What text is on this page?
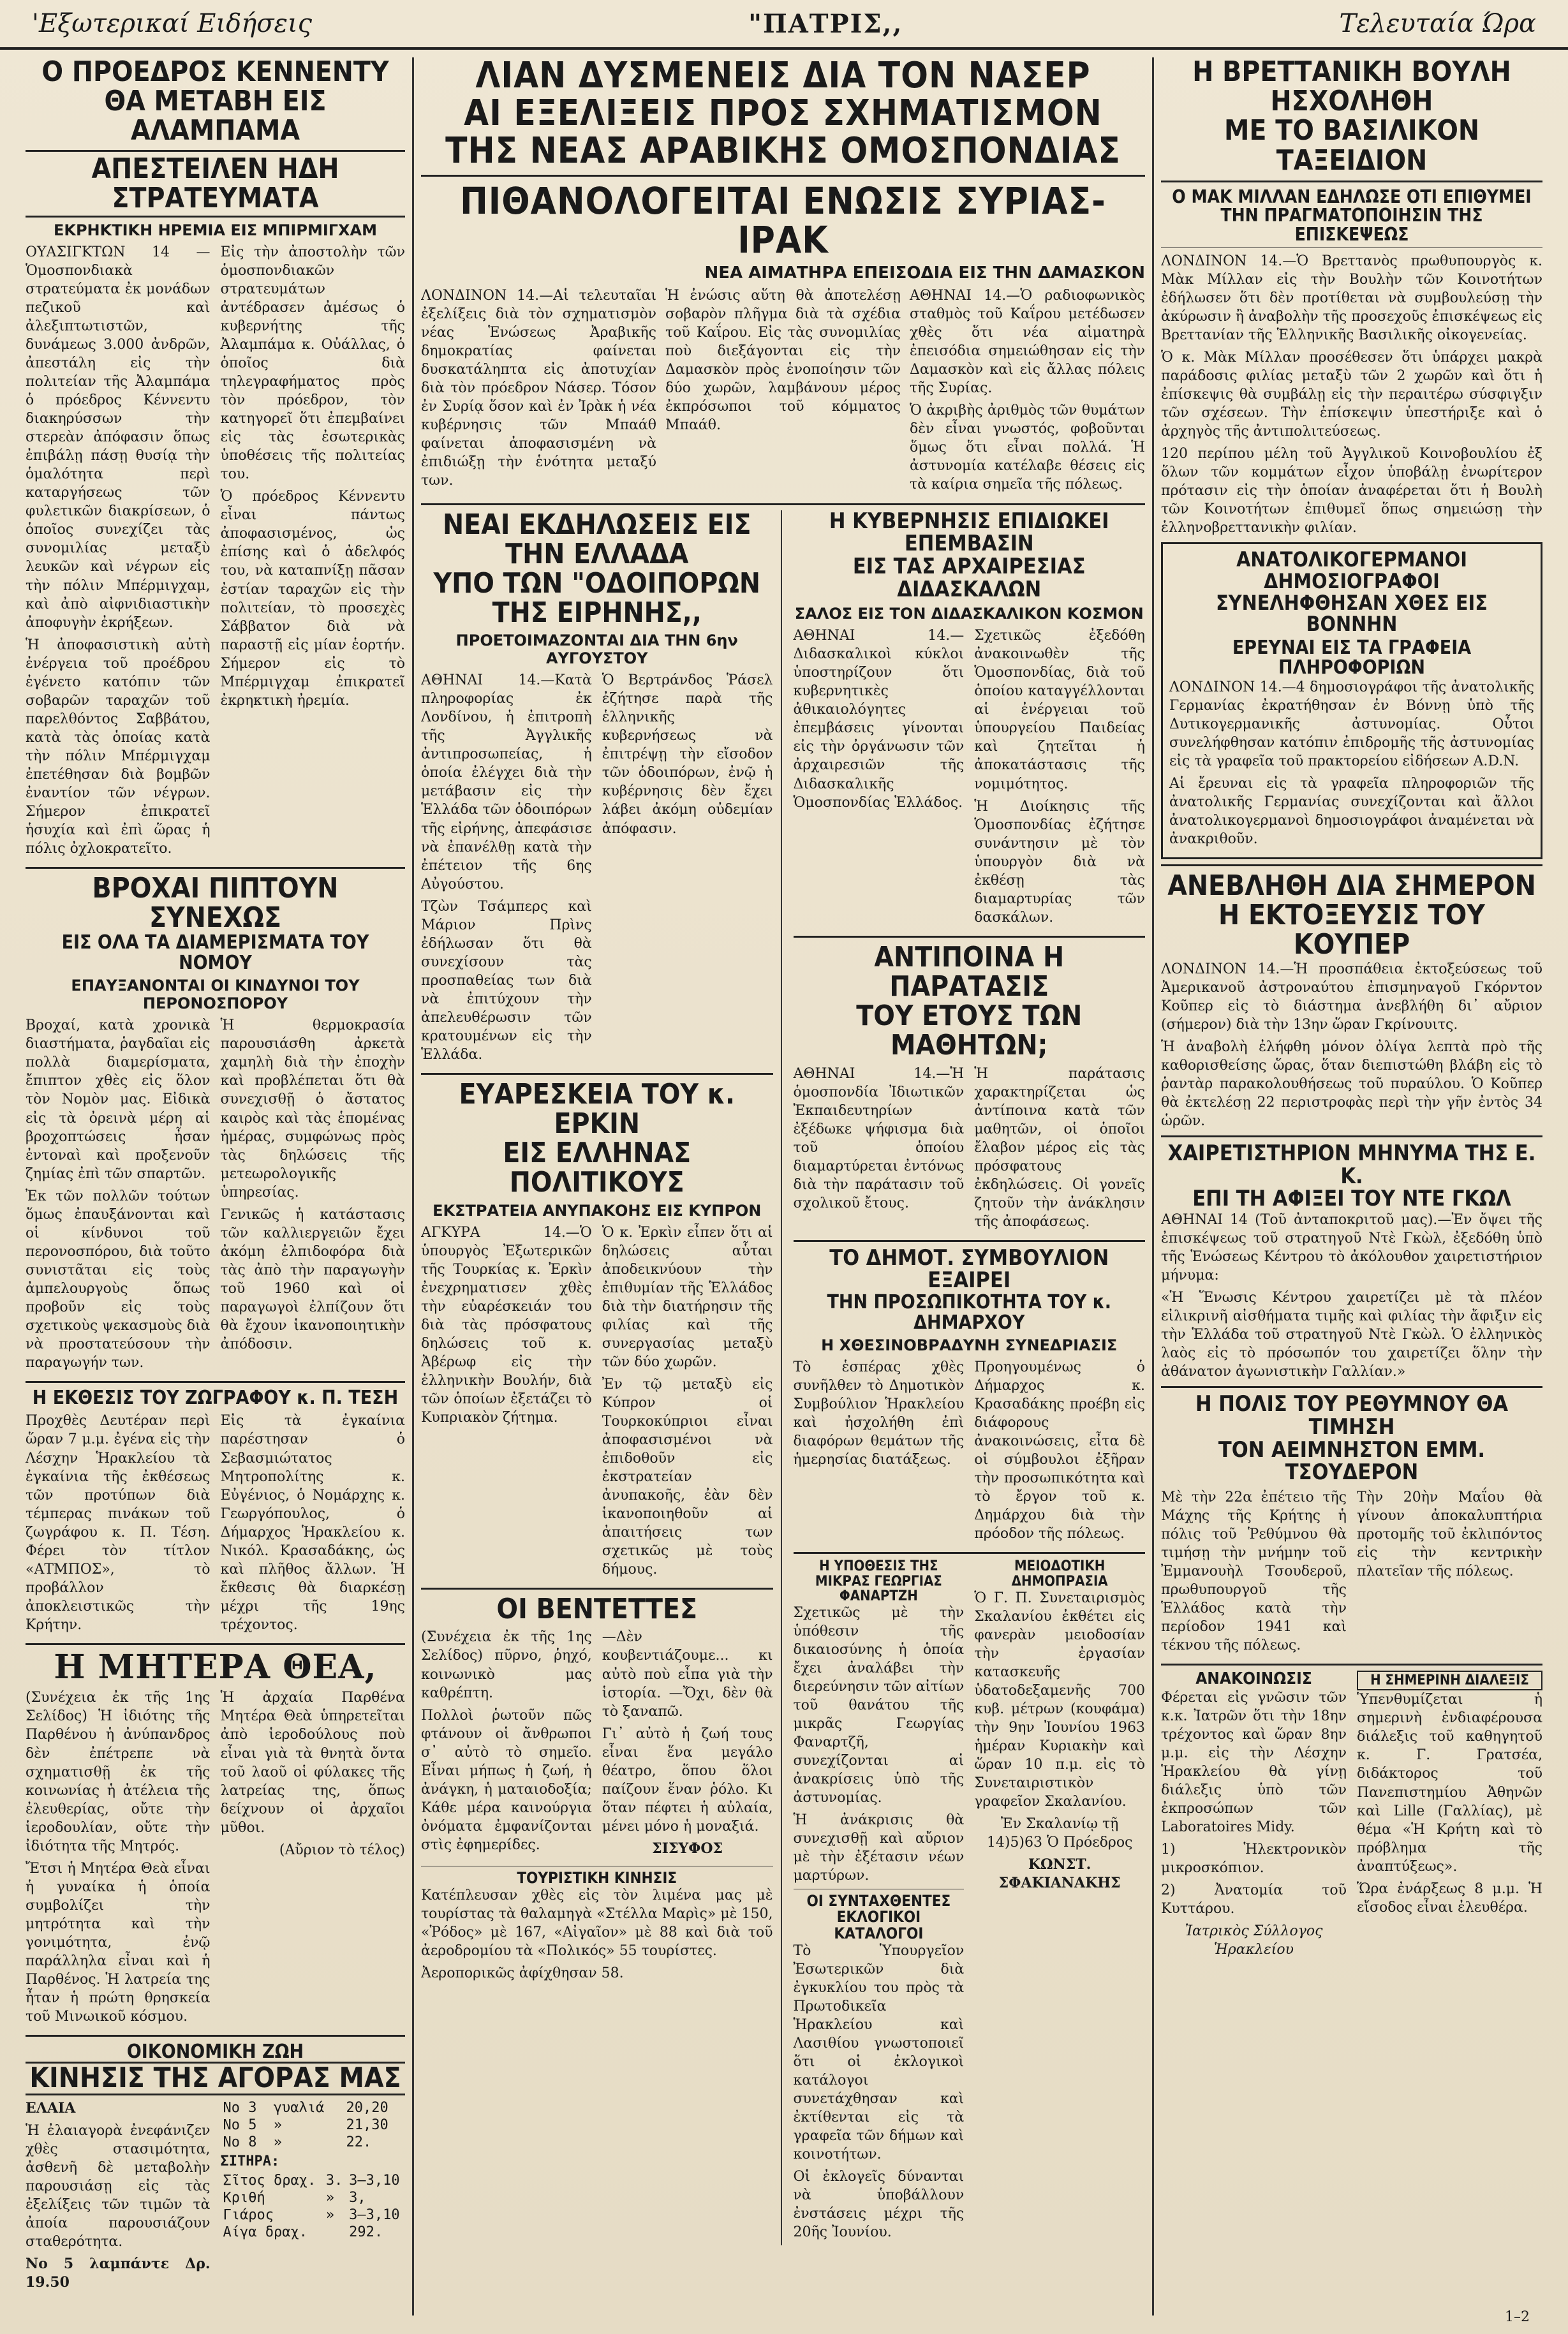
'Εξωτερικαί Ειδήσεις	"ΠΑΤΡΙΣ,,	Τελευταία Ώρα
Ο ΠΡΟΕΔΡΟΣ ΚΕΝΝΕΝΤΥ
ΘΑ ΜΕΤΑΒΗ ΕΙΣ ΑΛΑΜΠΑΜΑ
ΑΠΕΣΤΕΙΛΕΝ ΗΔΗ ΣΤΡΑΤΕΥΜΑΤΑ
ΕΚΡΗΚΤΙΚΗ ΗΡΕΜΙΑ ΕΙΣ ΜΠΙΡΜΙΓΧΑΜ

ΟΥΑΣΙΓΚΤΩΝ 14 — Ὁμοσπονδιακὰ στρατεύματα ἐκ μονάδων πεζικοῦ καὶ ἀλεξιπτωτιστῶν, δυνάμεως 3.000 ἀνδρῶν, ἀπεστάλη εἰς τὴν πολιτείαν τῆς Ἀλαμπάμα ὁ πρόεδρος Κέννεντυ διακηρύσσων τὴν στερεὰν ἀπόφασιν ὅπως ἐπιβάλῃ πάσῃ θυσίᾳ τὴν ὁμαλότητα περὶ καταργήσεως τῶν φυλετικῶν διακρίσεων, ὁ ὁποῖος συνεχίζει τὰς συνομιλίας μεταξὺ λευκῶν καὶ νέγρων εἰς τὴν πόλιν Μπέρμιγχαμ, καὶ ἀπὸ αἰφνιδιαστικὴν ἀποφυγὴν ἐκρήξεων.

Ἡ ἀποφασιστικὴ αὐτὴ ἐνέργεια τοῦ προέδρου ἐγένετο κατόπιν τῶν σοβαρῶν ταραχῶν τοῦ παρελθόντος Σαββάτου, κατὰ τὰς ὁποίας κατὰ τὴν πόλιν Μπέρμιγχαμ ἐπετέθησαν διὰ βομβῶν ἐναντίον τῶν νέγρων. Σήμερον ἐπικρατεῖ ἡσυχία καὶ ἐπὶ ὥρας ἡ πόλις ὀχλοκρατεῖτο.

Εἰς τὴν ἀποστολὴν τῶν ὁμοσπονδιακῶν στρατευμάτων ἀντέδρασεν ἀμέσως ὁ κυβερνήτης τῆς Ἀλαμπάμα κ. Οὐάλλας, ὁ ὁποῖος διὰ τηλεγραφήματος πρὸς τὸν πρόεδρον, τὸν κατηγορεῖ ὅτι ἐπεμβαίνει εἰς τὰς ἐσωτερικὰς ὑποθέσεις τῆς πολιτείας του.

Ὁ πρόεδρος Κέννεντυ εἶναι πάντως ἀποφασισμένος, ὡς ἐπίσης καὶ ὁ ἀδελφός του, νὰ καταπνίξῃ πᾶσαν ἐστίαν ταραχῶν εἰς τὴν πολιτείαν, τὸ προσεχὲς Σάββατον διὰ νὰ παραστῇ εἰς μίαν ἑορτήν. Σήμερον εἰς τὸ Μπέρμιγχαμ ἐπικρατεῖ ἐκρηκτικὴ ἠρεμία.

ΒΡΟΧΑΙ ΠΙΠΤΟΥΝ ΣΥΝΕΧΩΣ
ΕΙΣ ΟΛΑ ΤΑ ΔΙΑΜΕΡΙΣΜΑΤΑ ΤΟΥ ΝΟΜΟΥ
ΕΠΑΥΞΑΝΟΝΤΑΙ ΟΙ ΚΙΝΔΥΝΟΙ ΤΟΥ ΠΕΡΟΝΟΣΠΟΡΟΥ

Βροχαί, κατὰ χρονικὰ διαστήματα, ῥαγδαῖαι εἰς πολλὰ διαμερίσματα, ἔπιπτον χθὲς εἰς ὅλον τὸν Νομὸν μας. Εἰδικὰ εἰς τὰ ὀρεινὰ μέρη αἱ βροχοπτώσεις ἦσαν ἐντοναὶ καὶ προξενοῦν ζημίας ἐπὶ τῶν σπαρτῶν.

Ἐκ τῶν πολλῶν τούτων ὅμως ἐπαυξάνονται καὶ οἱ κίνδυνοι τοῦ περονοσπόρου, διὰ τοῦτο συνιστᾶται εἰς τοὺς ἀμπελουργοὺς ὅπως προβοῦν εἰς τοὺς σχετικοὺς ψεκασμοὺς διὰ νὰ προστατεύσουν τὴν παραγωγήν των.

Ἡ θερμοκρασία παρουσιάσθη ἀρκετὰ χαμηλὴ διὰ τὴν ἐποχὴν καὶ προβλέπεται ὅτι θὰ συνεχισθῇ ὁ ἄστατος καιρὸς καὶ τὰς ἑπομένας ἡμέρας, συμφώνως πρὸς τὰς δηλώσεις τῆς μετεωρολογικῆς ὑπηρεσίας.

Γενικῶς ἡ κατάστασις τῶν καλλιεργειῶν ἔχει ἀκόμη ἐλπιδοφόρα διὰ τὰς ἀπὸ τὴν παραγωγὴν τοῦ 1960 καὶ οἱ παραγωγοὶ ἐλπίζουν ὅτι θὰ ἔχουν ἱκανοποιητικὴν ἀπόδοσιν.

Η ΕΚΘΕΣΙΣ ΤΟΥ ΖΩΓΡΑΦΟΥ κ. Π. ΤΕΣΗ

Προχθὲς Δευτέραν περὶ ὥραν 7 μ.μ. ἐγένα εἰς τὴν Λέσχην Ἡρακλείου τὰ ἐγκαίνια τῆς ἐκθέσεως τῶν προτύπων διὰ τέμπερας πινάκων τοῦ ζωγράφου κ. Π. Τέση. Φέρει τὸν τίτλον «ΑΤΜΠΟΣ», τὸ προβάλλον ἀποκλειστικῶς τὴν Κρήτην.

Εἰς τὰ ἐγκαίνια παρέστησαν ὁ Σεβασμιώτατος Μητροπολίτης κ. Εὐγένιος, ὁ Νομάρχης κ. Γεωργόπουλος, ὁ Δήμαρχος Ἡρακλείου κ. Νικόλ. Κρασαδάκης, ὡς καὶ πλῆθος ἄλλων. Ἡ ἔκθεσις θὰ διαρκέσῃ μέχρι τῆς 19ης τρέχοντος.

Η ΜΗΤΕΡΑ ΘΕΑ,

(Συνέχεια ἐκ τῆς 1ης Σελίδος) Ἡ ἰδιότης τῆς Παρθένου ἡ ἀνύπανδρος δὲν ἐπέτρεπε νὰ σχηματισθῇ ἐκ τῆς κοινωνίας ἡ ἀτέλεια τῆς ἐλευθερίας, οὔτε τὴν ἱεροδουλίαν, οὔτε τὴν ἰδιότητα τῆς Μητρός.

Ἔτσι ἡ Μητέρα Θεὰ εἶναι ἡ γυναίκα ἡ ὁποία συμβολίζει τὴν μητρότητα καὶ τὴν γονιμότητα, ἐνῷ παράλληλα εἶναι καὶ ἡ Παρθένος. Ἡ λατρεία της ἦταν ἡ πρώτη θρησκεία τοῦ Μινωικοῦ κόσμου.

Ἡ ἀρχαία Παρθένα Μητέρα Θεὰ ὑπηρετεῖται ἀπὸ ἱεροδούλους ποὺ εἶναι γιὰ τὰ θνητὰ ὄντα τοῦ λαοῦ οἱ φύλακες τῆς λατρείας της, ὅπως δείχνουν οἱ ἀρχαῖοι μῦθοι.

(Αὔριον τὸ τέλος)

ΟΙΚΟΝΟΜΙΚΗ ΖΩΗ
ΚΙΝΗΣΙΣ ΤΗΣ ΑΓΟΡΑΣ ΜΑΣ

ΕΛΑΙΑ

Ἡ ἐλαιαγορὰ ἐνεφάνιζεν χθὲς στασιμότητα, ἀσθενῆ δὲ μεταβολὴν παρουσιάσῃ εἰς τὰς ἐξελίξεις τῶν τιμῶν τὰ ἀποία παρουσιάζουν σταθερότητα.

Νο 5 λαμπάντε Δρ. 19.50

Νο 3	γυαλιά	20,20
Νο 5	»	21,30
Νο 8	»	22.
ΣΙΤΗΡΑ:
Σῖτος δραχ.	3.	3–3,10
Κριθή	»	3,
Γιάρος	»	3–3,10
Αίγα δραχ.		292.
ΛΙΑΝ ΔΥΣΜΕΝΕΙΣ ΔΙΑ ΤΟΝ ΝΑΣΕΡ
ΑΙ ΕΞΕΛΙΞΕΙΣ ΠΡΟΣ ΣΧΗΜΑΤΙΣΜΟΝ
ΤΗΣ ΝΕΑΣ ΑΡΑΒΙΚΗΣ ΟΜΟΣΠΟΝΔΙΑΣ
ΠΙΘΑΝΟΛΟΓΕΙΤΑΙ ΕΝΩΣΙΣ ΣΥΡΙΑΣ-ΙΡΑΚ
ΝΕΑ ΑΙΜΑΤΗΡΑ ΕΠΕΙΣΟΔΙΑ ΕΙΣ ΤΗΝ ΔΑΜΑΣΚΟΝ

ΛΟΝΔΙΝΟΝ 14.—Αἱ τελευταῖαι ἐξελίξεις διὰ τὸν σχηματισμὸν νέας Ἑνώσεως Ἀραβικῆς δημοκρατίας φαίνεται δυσκατάληπτα εἰς ἀποτυχίαν διὰ τὸν πρόεδρον Νάσερ. Τόσον ἐν Συρίᾳ ὅσον καὶ ἐν Ἰρὰκ ἡ νέα κυβέρνησις τῶν Μπαάθ φαίνεται ἀποφασισμένη νὰ ἐπιδιώξῃ τὴν ἑνότητα μεταξύ των.

Ἡ ἐνώσις αὕτη θὰ ἀποτελέσῃ σοβαρὸν πλῆγμα διὰ τὰ σχέδια τοῦ Καΐρου. Εἰς τὰς συνομιλίας ποὺ διεξάγονται εἰς τὴν Δαμασκὸν πρὸς ἑνοποίησιν τῶν δύο χωρῶν, λαμβάνουν μέρος ἐκπρόσωποι τοῦ κόμματος Μπαάθ.

ΑΘΗΝΑΙ 14.—Ὁ ραδιοφωνικὸς σταθμὸς τοῦ Καΐρου μετέδωσεν χθὲς ὅτι νέα αἱματηρὰ ἐπεισόδια σημειώθησαν εἰς τὴν Δαμασκὸν καὶ εἰς ἄλλας πόλεις τῆς Συρίας.

Ὁ ἀκριβὴς ἀριθμὸς τῶν θυμάτων δὲν εἶναι γνωστός, φοβοῦνται ὅμως ὅτι εἶναι πολλά. Ἡ ἀστυνομία κατέλαβε θέσεις εἰς τὰ καίρια σημεῖα τῆς πόλεως.

ΝΕΑΙ ΕΚΔΗΛΩΣΕΙΣ ΕΙΣ ΤΗΝ ΕΛΛΑΔΑ
ΥΠΟ ΤΩΝ "ΟΔΟΙΠΟΡΩΝ ΤΗΣ ΕΙΡΗΝΗΣ,,
ΠΡΟΕΤΟΙΜΑΖΟΝΤΑΙ ΔΙΑ ΤΗΝ 6ην ΑΥΓΟΥΣΤΟΥ

ΑΘΗΝΑΙ 14.—Κατὰ πληροφορίας ἐκ Λονδίνου, ἡ ἐπιτροπὴ τῆς Ἀγγλικῆς ἀντιπροσωπείας, ἡ ὁποία ἐλέγχει διὰ τὴν μετάβασιν εἰς τὴν Ἑλλάδα τῶν ὁδοιπόρων τῆς εἰρήνης, ἀπεφάσισε νὰ ἐπανέλθῃ κατὰ τὴν ἐπέτειον τῆς 6ης Αὐγούστου.

Τζὼν Τσάμπερς καὶ Μάριον Πρὶνς ἐδήλωσαν ὅτι θὰ συνεχίσουν τὰς προσπαθείας των διὰ νὰ ἐπιτύχουν τὴν ἀπελευθέρωσιν τῶν κρατουμένων εἰς τὴν Ἑλλάδα.

Ὁ Βερτράνδος Ῥάσελ ἐζήτησε παρὰ τῆς ἑλληνικῆς κυβερνήσεως νὰ ἐπιτρέψῃ τὴν εἴσοδον τῶν ὁδοιπόρων, ἐνῷ ἡ κυβέρνησις δὲν ἔχει λάβει ἀκόμη οὐδεμίαν ἀπόφασιν.

ΕΥΑΡΕΣΚΕΙΑ ΤΟΥ κ. ΕΡΚΙΝ
ΕΙΣ ΕΛΛΗΝΑΣ ΠΟΛΙΤΙΚΟΥΣ
ΕΚΣΤΡΑΤΕΙΑ ΑΝΥΠΑΚΟΗΣ ΕΙΣ ΚΥΠΡΟΝ

ΑΓΚΥΡΑ 14.—Ὁ ὑπουργὸς Ἐξωτερικῶν τῆς Τουρκίας κ. Ἐρκὶν ἐνεχρηματισεν χθὲς τὴν εὐαρέσκειάν του διὰ τὰς πρόσφατους δηλώσεις τοῦ κ. Ἀβέρωφ εἰς τὴν ἑλληνικὴν Βουλήν, διὰ τῶν ὁποίων ἐξετάζει τὸ Κυπριακὸν ζήτημα.

Ὁ κ. Ἐρκὶν εἶπεν ὅτι αἱ δηλώσεις αὗται ἀποδεικνύουν τὴν ἐπιθυμίαν τῆς Ἑλλάδος διὰ τὴν διατήρησιν τῆς φιλίας καὶ τῆς συνεργασίας μεταξὺ τῶν δύο χωρῶν.

Ἐν τῷ μεταξὺ εἰς Κύπρον οἱ Τουρκοκύπριοι εἶναι ἀποφασισμένοι νὰ ἐπιδοθοῦν εἰς ἐκστρατείαν ἀνυπακοῆς, ἐὰν δὲν ἱκανοποιηθοῦν αἱ ἀπαιτήσεις των σχετικῶς μὲ τοὺς δήμους.

ΟΙ ΒΕΝΤΕΤΤΕΣ

(Συνέχεια ἐκ τῆς 1ης Σελίδος) πῦρνο, ῥηχό, κοινωνικὸ μας καθρέπτη.

Πολλοὶ ῥωτοῦν πῶς φτάνουν οἱ ἄνθρωποι σ᾽ αὐτὸ τὸ σημεῖο. Εἶναι μήπως ἡ ζωή, ἡ ἀνάγκη, ἡ ματαιοδοξία; Κάθε μέρα καινούργια ὀνόματα ἐμφανίζονται στὶς ἐφημερίδες.

—Δὲν κουβεντιάζουμε... κι αὐτὸ ποὺ εἶπα γιὰ τὴν ἱστορία. —Ὄχι, δὲν θὰ τὸ ξαναπῶ.

Γι᾽ αὐτὸ ἡ ζωή τους εἶναι ἕνα μεγάλο θέατρο, ὅπου ὅλοι παίζουν ἕναν ῥόλο. Κι ὅταν πέφτει ἡ αὐλαία, μένει μόνο ἡ μοναξιά.

ΣΙΣΥΦΟΣ

ΤΟΥΡΙΣΤΙΚΗ ΚΙΝΗΣΙΣ

Κατέπλευσαν χθὲς εἰς τὸν λιμένα μας μὲ τουρίστας τὰ θαλαμηγὰ «Στέλλα Μαρὶς» μὲ 150, «Ῥόδος» μὲ 167, «Αἰγαῖον» μὲ 88 καὶ διὰ τοῦ ἀεροδρομίου τὰ «Πολικός» 55 τουρίστες.

Ἀεροπορικῶς ἀφίχθησαν 58.

Η ΚΥΒΕΡΝΗΣΙΣ ΕΠΙΔΙΩΚΕΙ ΕΠΕΜΒΑΣΙΝ
ΕΙΣ ΤΑΣ ΑΡΧΑΙΡΕΣΙΑΣ ΔΙΔΑΣΚΑΛΩΝ
ΣΑΛΟΣ ΕΙΣ ΤΟΝ ΔΙΔΑΣΚΑΛΙΚΟΝ ΚΟΣΜΟΝ

ΑΘΗΝΑΙ 14.—Διδασκαλικοὶ κύκλοι ὑποστηρίζουν ὅτι κυβερνητικὲς ἀθικαιολόγητες ἐπεμβάσεις γίνονται εἰς τὴν ὀργάνωσιν τῶν ἀρχαιρεσιῶν τῆς Διδασκαλικῆς Ὁμοσπονδίας Ἑλλάδος.

Σχετικῶς ἐξεδόθη ἀνακοινωθὲν τῆς Ὁμοσπονδίας, διὰ τοῦ ὁποίου καταγγέλλονται αἱ ἐνέργειαι τοῦ ὑπουργείου Παιδείας καὶ ζητεῖται ἡ ἀποκατάστασις τῆς νομιμότητος.

Ἡ Διοίκησις τῆς Ὁμοσπονδίας ἐζήτησε συνάντησιν μὲ τὸν ὑπουργὸν διὰ νὰ ἐκθέσῃ τὰς διαμαρτυρίας τῶν δασκάλων.

ΑΝΤΙΠΟΙΝΑ Η ΠΑΡΑΤΑΣΙΣ
ΤΟΥ ΕΤΟΥΣ ΤΩΝ ΜΑΘΗΤΩΝ;

ΑΘΗΝΑΙ 14.—Ἡ ὁμοσπονδία Ἰδιωτικῶν Ἐκπαιδευτηρίων ἐξέδωκε ψήφισμα διὰ τοῦ ὁποίου διαμαρτύρεται ἐντόνως διὰ τὴν παράτασιν τοῦ σχολικοῦ ἔτους.

Ἡ παράτασις χαρακτηρίζεται ὡς ἀντίποινα κατὰ τῶν μαθητῶν, οἱ ὁποῖοι ἔλαβον μέρος εἰς τὰς πρόσφατους ἐκδηλώσεις. Οἱ γονεῖς ζητοῦν τὴν ἀνάκλησιν τῆς ἀποφάσεως.

ΤΟ ΔΗΜΟΤ. ΣΥΜΒΟΥΛΙΟΝ ΕΞΑΙΡΕΙ
ΤΗΝ ΠΡΟΣΩΠΙΚΟΤΗΤΑ ΤΟΥ κ. ΔΗΜΑΡΧΟΥ
Η ΧΘΕΣΙΝΟΒΡΑΔΥΝΗ ΣΥΝΕΔΡΙΑΣΙΣ

Τὸ ἑσπέρας χθὲς συνῆλθεν τὸ Δημοτικὸν Συμβούλιον Ἡρακλείου καὶ ἠσχολήθη ἐπὶ διαφόρων θεμάτων τῆς ἡμερησίας διατάξεως.

Προηγουμένως ὁ Δήμαρχος κ. Κρασαδάκης προέβη εἰς διάφορους ἀνακοινώσεις, εἶτα δὲ οἱ σύμβουλοι ἐξῆραν τὴν προσωπικότητα καὶ τὸ ἔργον τοῦ κ. Δημάρχου διὰ τὴν πρόοδον τῆς πόλεως.

Η ΥΠΟΘΕΣΙΣ ΤΗΣ ΜΙΚΡΑΣ ΓΕΩΡΓΙΑΣ ΦΑΝΑΡΤΖΗ

Σχετικῶς μὲ τὴν ὑπόθεσιν τῆς δικαιοσύνης ἡ ὁποία ἔχει ἀναλάβει τὴν διερεύνησιν τῶν αἰτίων τοῦ θανάτου τῆς μικρᾶς Γεωργίας Φαναρτζῆ, συνεχίζονται αἱ ἀνακρίσεις ὑπὸ τῆς ἀστυνομίας.

Ἡ ἀνάκρισις θὰ συνεχισθῇ καὶ αὔριον μὲ τὴν ἐξέτασιν νέων μαρτύρων.

ΟΙ ΣΥΝΤΑΧΘΕΝΤΕΣ ΕΚΛΟΓΙΚΟΙ ΚΑΤΑΛΟΓΟΙ

Τὸ Ὑπουργεῖον Ἐσωτερικῶν διὰ ἐγκυκλίου του πρὸς τὰ Πρωτοδικεῖα Ἡρακλείου καὶ Λασιθίου γνωστοποιεῖ ὅτι οἱ ἐκλογικοὶ κατάλογοι συνετάχθησαν καὶ ἐκτίθενται εἰς τὰ γραφεῖα τῶν δήμων καὶ κοινοτήτων.

Οἱ ἐκλογεῖς δύνανται νὰ ὑποβάλλουν ἐνστάσεις μέχρι τῆς 20ῆς Ἰουνίου.

ΜΕΙΟΔΟΤΙΚΗ ΔΗΜΟΠΡΑΣΙΑ

Ὁ Γ. Π. Συνεταιρισμὸς Σκαλανίου ἐκθέτει εἰς φανερὰν μειοδοσίαν τὴν ἐργασίαν κατασκευῆς ὑδατοδεξαμενῆς 700 κυβ. μέτρων (κουφάμα) τὴν 9ην Ἰουνίου 1963 ἡμέραν Κυριακὴν καὶ ὥραν 10 π.μ. εἰς τὸ Συνεταιριστικὸν γραφεῖον Σκαλανίου.

Ἐν Σκαλανίῳ τῇ 14)5)63 Ὁ Πρόεδρος

ΚΩΝΣΤ. ΣΦΑΚΙΑΝΑΚΗΣ

Η ΒΡΕΤΤΑΝΙΚΗ ΒΟΥΛΗ ΗΣΧΟΛΗΘΗ
ΜΕ ΤΟ ΒΑΣΙΛΙΚΟΝ ΤΑΞΕΙΔΙΟΝ
Ο ΜΑΚ ΜΙΛΛΑΝ ΕΔΗΛΩΣΕ ΟΤΙ ΕΠΙΘΥΜΕΙ ΤΗΝ ΠΡΑΓΜΑΤΟΠΟΙΗΣΙΝ ΤΗΣ ΕΠΙΣΚΕΨΕΩΣ

ΛΟΝΔΙΝΟΝ 14.—Ὁ Βρεττανὸς πρωθυπουργὸς κ. Μὰκ Μίλλαν εἰς τὴν Βουλὴν τῶν Κοινοτήτων ἐδήλωσεν ὅτι δὲν προτίθεται νὰ συμβουλεύσῃ τὴν ἀκύρωσιν ἢ ἀναβολὴν τῆς προσεχοῦς ἐπισκέψεως εἰς Βρεττανίαν τῆς Ἑλληνικῆς Βασιλικῆς οἰκογενείας.

Ὁ κ. Μὰκ Μίλλαν προσέθεσεν ὅτι ὑπάρχει μακρὰ παράδοσις φιλίας μεταξὺ τῶν 2 χωρῶν καὶ ὅτι ἡ ἐπίσκεψις θὰ συμβάλῃ εἰς τὴν περαιτέρω σύσφιγξιν τῶν σχέσεων. Τὴν ἐπίσκεψιν ὑπεστήριξε καὶ ὁ ἀρχηγὸς τῆς ἀντιπολιτεύσεως.

120 περίπου μέλη τοῦ Ἀγγλικοῦ Κοινοβουλίου ἐξ ὅλων τῶν κομμάτων εἶχον ὑποβάλῃ ἐνωρίτερον πρότασιν εἰς τὴν ὁποίαν ἀναφέρεται ὅτι ἡ Βουλὴ τῶν Κοινοτήτων ἐπιθυμεῖ ὅπως σημειώσῃ τὴν ἑλληνοβρεττανικὴν φιλίαν.

ΑΝΑΤΟΛΙΚΟΓΕΡΜΑΝΟΙ ΔΗΜΟΣΙΟΓΡΑΦΟΙ
ΣΥΝΕΛΗΦΘΗΣΑΝ ΧΘΕΣ ΕΙΣ ΒΟΝΝΗΝ
ΕΡΕΥΝΑΙ ΕΙΣ ΤΑ ΓΡΑΦΕΙΑ ΠΛΗΡΟΦΟΡΙΩΝ

ΛΟΝΔΙΝΟΝ 14.—4 δημοσιογράφοι τῆς ἀνατολικῆς Γερμανίας ἐκρατήθησαν ἐν Βόννῃ ὑπὸ τῆς Δυτικογερμανικῆς ἀστυνομίας. Οὗτοι συνελήφθησαν κατόπιν ἐπιδρομῆς τῆς ἀστυνομίας εἰς τὰ γραφεῖα τοῦ πρακτορείου εἰδήσεων A.D.N.

Αἱ ἔρευναι εἰς τὰ γραφεῖα πληροφοριῶν τῆς ἀνατολικῆς Γερμανίας συνεχίζονται καὶ ἄλλοι ἀνατολικογερμανοὶ δημοσιογράφοι ἀναμένεται νὰ ἀνακριθοῦν.

ΑΝΕΒΛΗΘΗ ΔΙΑ ΣΗΜΕΡΟΝ
Η ΕΚΤΟΞΕΥΣΙΣ ΤΟΥ ΚΟΥΠΕΡ

ΛΟΝΔΙΝΟΝ 14.—Ἡ προσπάθεια ἐκτοξεύσεως τοῦ Ἀμερικανοῦ ἀστροναύτου ἐπισμηναγοῦ Γκόρντον Κοῦπερ εἰς τὸ διάστημα ἀνεβλήθη δι᾽ αὔριον (σήμερον) διὰ τὴν 13ην ὥραν Γκρίνουιτς.

Ἡ ἀναβολὴ ἐλήφθη μόνον ὀλίγα λεπτὰ πρὸ τῆς καθορισθείσης ὥρας, ὅταν διεπιστώθη βλάβη εἰς τὸ ῥαντὰρ παρακολουθήσεως τοῦ πυραύλου. Ὁ Κοῦπερ θὰ ἐκτελέσῃ 22 περιστροφὰς περὶ τὴν γῆν ἐντὸς 34 ὡρῶν.

ΧΑΙΡΕΤΙΣΤΗΡΙΟΝ ΜΗΝΥΜΑ ΤΗΣ Ε. Κ.
ΕΠΙ ΤΗ ΑΦΙΞΕΙ ΤΟΥ ΝΤΕ ΓΚΩΛ

ΑΘΗΝΑΙ 14 (Τοῦ ἀνταποκριτοῦ μας).—Ἐν ὄψει τῆς ἐπισκέψεως τοῦ στρατηγοῦ Ντὲ Γκὼλ, ἐξεδόθη ὑπὸ τῆς Ἑνώσεως Κέντρου τὸ ἀκόλουθον χαιρετιστήριον μήνυμα:

«Ἡ Ἕνωσις Κέντρου χαιρετίζει μὲ τὰ πλέον εἰλικρινῆ αἰσθήματα τιμῆς καὶ φιλίας τὴν ἄφιξιν εἰς τὴν Ἑλλάδα τοῦ στρατηγοῦ Ντὲ Γκὼλ. Ὁ ἐλληνικὸς λαὸς εἰς τὸ πρόσωπόν του χαιρετίζει ὅλην τὴν ἀθάνατον ἀγωνιστικὴν Γαλλίαν.»

Η ΠΟΛΙΣ ΤΟΥ ΡΕΘΥΜΝΟΥ ΘΑ ΤΙΜΗΣΗ
ΤΟΝ ΑΕΙΜΝΗΣΤΟΝ ΕΜΜ. ΤΣΟΥΔΕΡΟΝ

Μὲ τὴν 22α ἐπέτειο τῆς Μάχης τῆς Κρήτης ἡ πόλις τοῦ Ῥεθύμνου θὰ τιμήσῃ τὴν μνήμην τοῦ Ἐμμανουὴλ Τσουδεροῦ, πρωθυπουργοῦ τῆς Ἑλλάδος κατὰ τὴν περίοδον 1941 καὶ τέκνου τῆς πόλεως.

Τὴν 20ὴν Μαΐου θὰ γίνουν ἀποκαλυπτήρια προτομῆς τοῦ ἐκλιπόντος εἰς τὴν κεντρικὴν πλατεῖαν τῆς πόλεως.

ΑΝΑΚΟΙΝΩΣΙΣ

Φέρεται εἰς γνῶσιν τῶν κ.κ. Ἰατρῶν ὅτι τὴν 18ην τρέχοντος καὶ ὥραν 8ην μ.μ. εἰς τὴν Λέσχην Ἡρακλείου θὰ γίνῃ διάλεξις ὑπὸ τῶν ἐκπροσώπων τῶν Laboratoires Midy.

1) Ἡλεκτρονικὸν μικροσκόπιον.

2) Ἀνατομία τοῦ Κυττάρου.

Ἰατρικὸς Σύλλογος Ἡρακλείου

Η ΣΗΜΕΡΙΝΗ ΔΙΑΛΕΞΙΣ

Ὑπενθυμίζεται ἡ σημερινὴ ἐνδιαφέρουσα διάλεξις τοῦ καθηγητοῦ κ. Γ. Γρατσέα, διδάκτορος τοῦ Πανεπιστημίου Ἀθηνῶν καὶ Lille (Γαλλίας), μὲ θέμα «Ἡ Κρήτη καὶ τὸ πρόβλημα τῆς ἀναπτύξεως».

Ὥρα ἐνάρξεως 8 μ.μ. Ἡ εἴσοδος εἶναι ἐλευθέρα.

1–2
